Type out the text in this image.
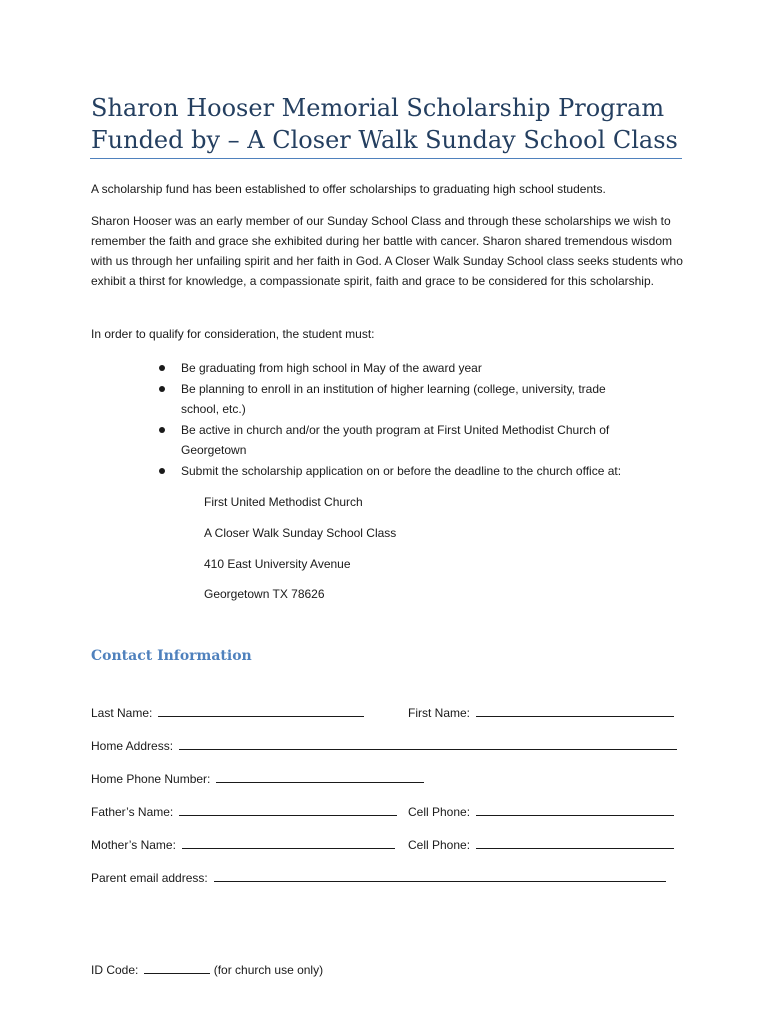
Sharon Hooser Memorial Scholarship Program
Funded by – A Closer Walk Sunday School Class

A scholarship fund has been established to offer scholarships to graduating high school students.

Sharon Hooser was an early member of our Sunday School Class and through these scholarships we wish to remember the faith and grace she exhibited during her battle with cancer. Sharon shared tremendous wisdom with us through her unfailing spirit and her faith in God. A Closer Walk Sunday School class seeks students who exhibit a thirst for knowledge, a compassionate spirit, faith and grace to be considered for this scholarship.

In order to qualify for consideration, the student must:

Be graduating from high school in May of the award year
Be planning to enroll in an institution of higher learning (college, university, trade school, etc.)
Be active in church and/or the youth program at First United Methodist Church of Georgetown
Submit the scholarship application on or before the deadline to the church office at:
First United Methodist Church
A Closer Walk Sunday School Class
410 East University Avenue
Georgetown TX 78626
Contact Information
Last Name:	First Name:
Home Address:
Home Phone Number:
Father’s Name:	Cell Phone:
Mother’s Name:	Cell Phone:
Parent email address:
ID Code:	(for church use only)
